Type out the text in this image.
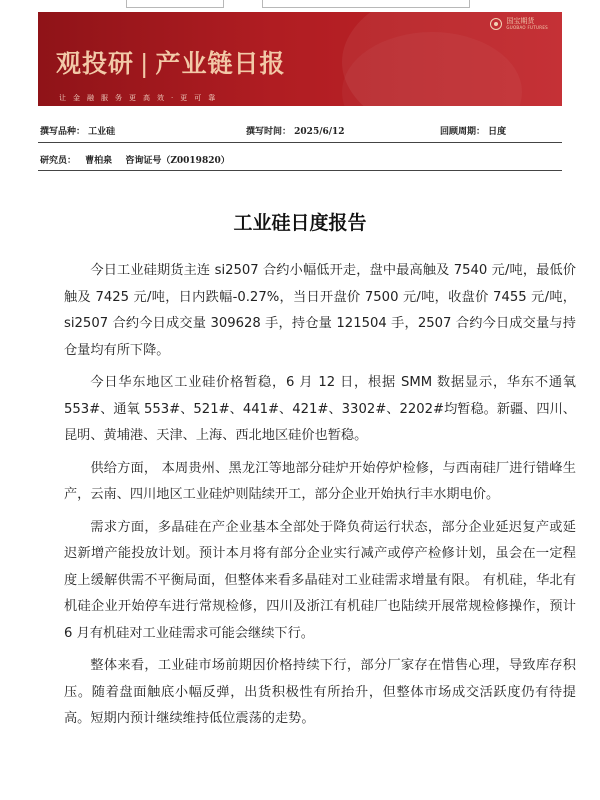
国宝期货
GUOBAO FUTURES
观投研 | 产业链日报
让金融服务更高效·更可靠
撰写品种： 工业硅	撰写时间： 2025/6/12	回顾周期： 日度
研究员： 曹柏泉 咨询证号（Z0019820）
工业硅日度报告

今日工业硅期货主连 si2507 合约小幅低开走，盘中最高触及 7540 元/吨，最低价触及 7425 元/吨，日内跌幅-0.27%，当日开盘价 7500 元/吨，收盘价 7455 元/吨，si2507 合约今日成交量 309628 手，持仓量 121504 手，2507 合约今日成交量与持仓量均有所下降。

今日华东地区工业硅价格暂稳，6 月 12 日，根据 SMM 数据显示，华东不通氧 553#、通氧 553#、521#、441#、421#、3302#、2202#均暂稳。新疆、四川、昆明、黄埔港、天津、上海、西北地区硅价也暂稳。

供给方面， 本周贵州、黑龙江等地部分硅炉开始停炉检修，与西南硅厂进行错峰生产，云南、四川地区工业硅炉则陆续开工，部分企业开始执行丰水期电价。

需求方面，多晶硅在产企业基本全部处于降负荷运行状态，部分企业延迟复产或延迟新增产能投放计划。预计本月将有部分企业实行减产或停产检修计划，虽会在一定程度上缓解供需不平衡局面，但整体来看多晶硅对工业硅需求增量有限。 有机硅，华北有机硅企业开始停车进行常规检修，四川及浙江有机硅厂也陆续开展常规检修操作，预计 6 月有机硅对工业硅需求可能会继续下行。

整体来看，工业硅市场前期因价格持续下行，部分厂家存在惜售心理，导致库存积压。随着盘面触底小幅反弹，出货积极性有所抬升，但整体市场成交活跃度仍有待提高。短期内预计继续维持低位震荡的走势。
